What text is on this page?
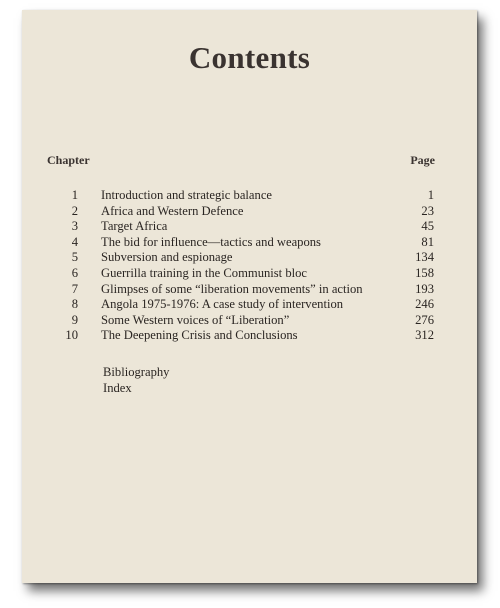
Contents
Chapter	Page
1 Introduction and strategic balance	1
2 Africa and Western Defence	23
3 Target Africa	45
4 The bid for influence—tactics and weapons	81
5 Subversion and espionage	134
6 Guerrilla training in the Communist bloc	158
7 Glimpses of some “liberation movements” in action	193
8 Angola 1975-1976: A case study of intervention	246
9 Some Western voices of “Liberation”	276
10 The Deepening Crisis and Conclusions	312
Bibliography
Index
